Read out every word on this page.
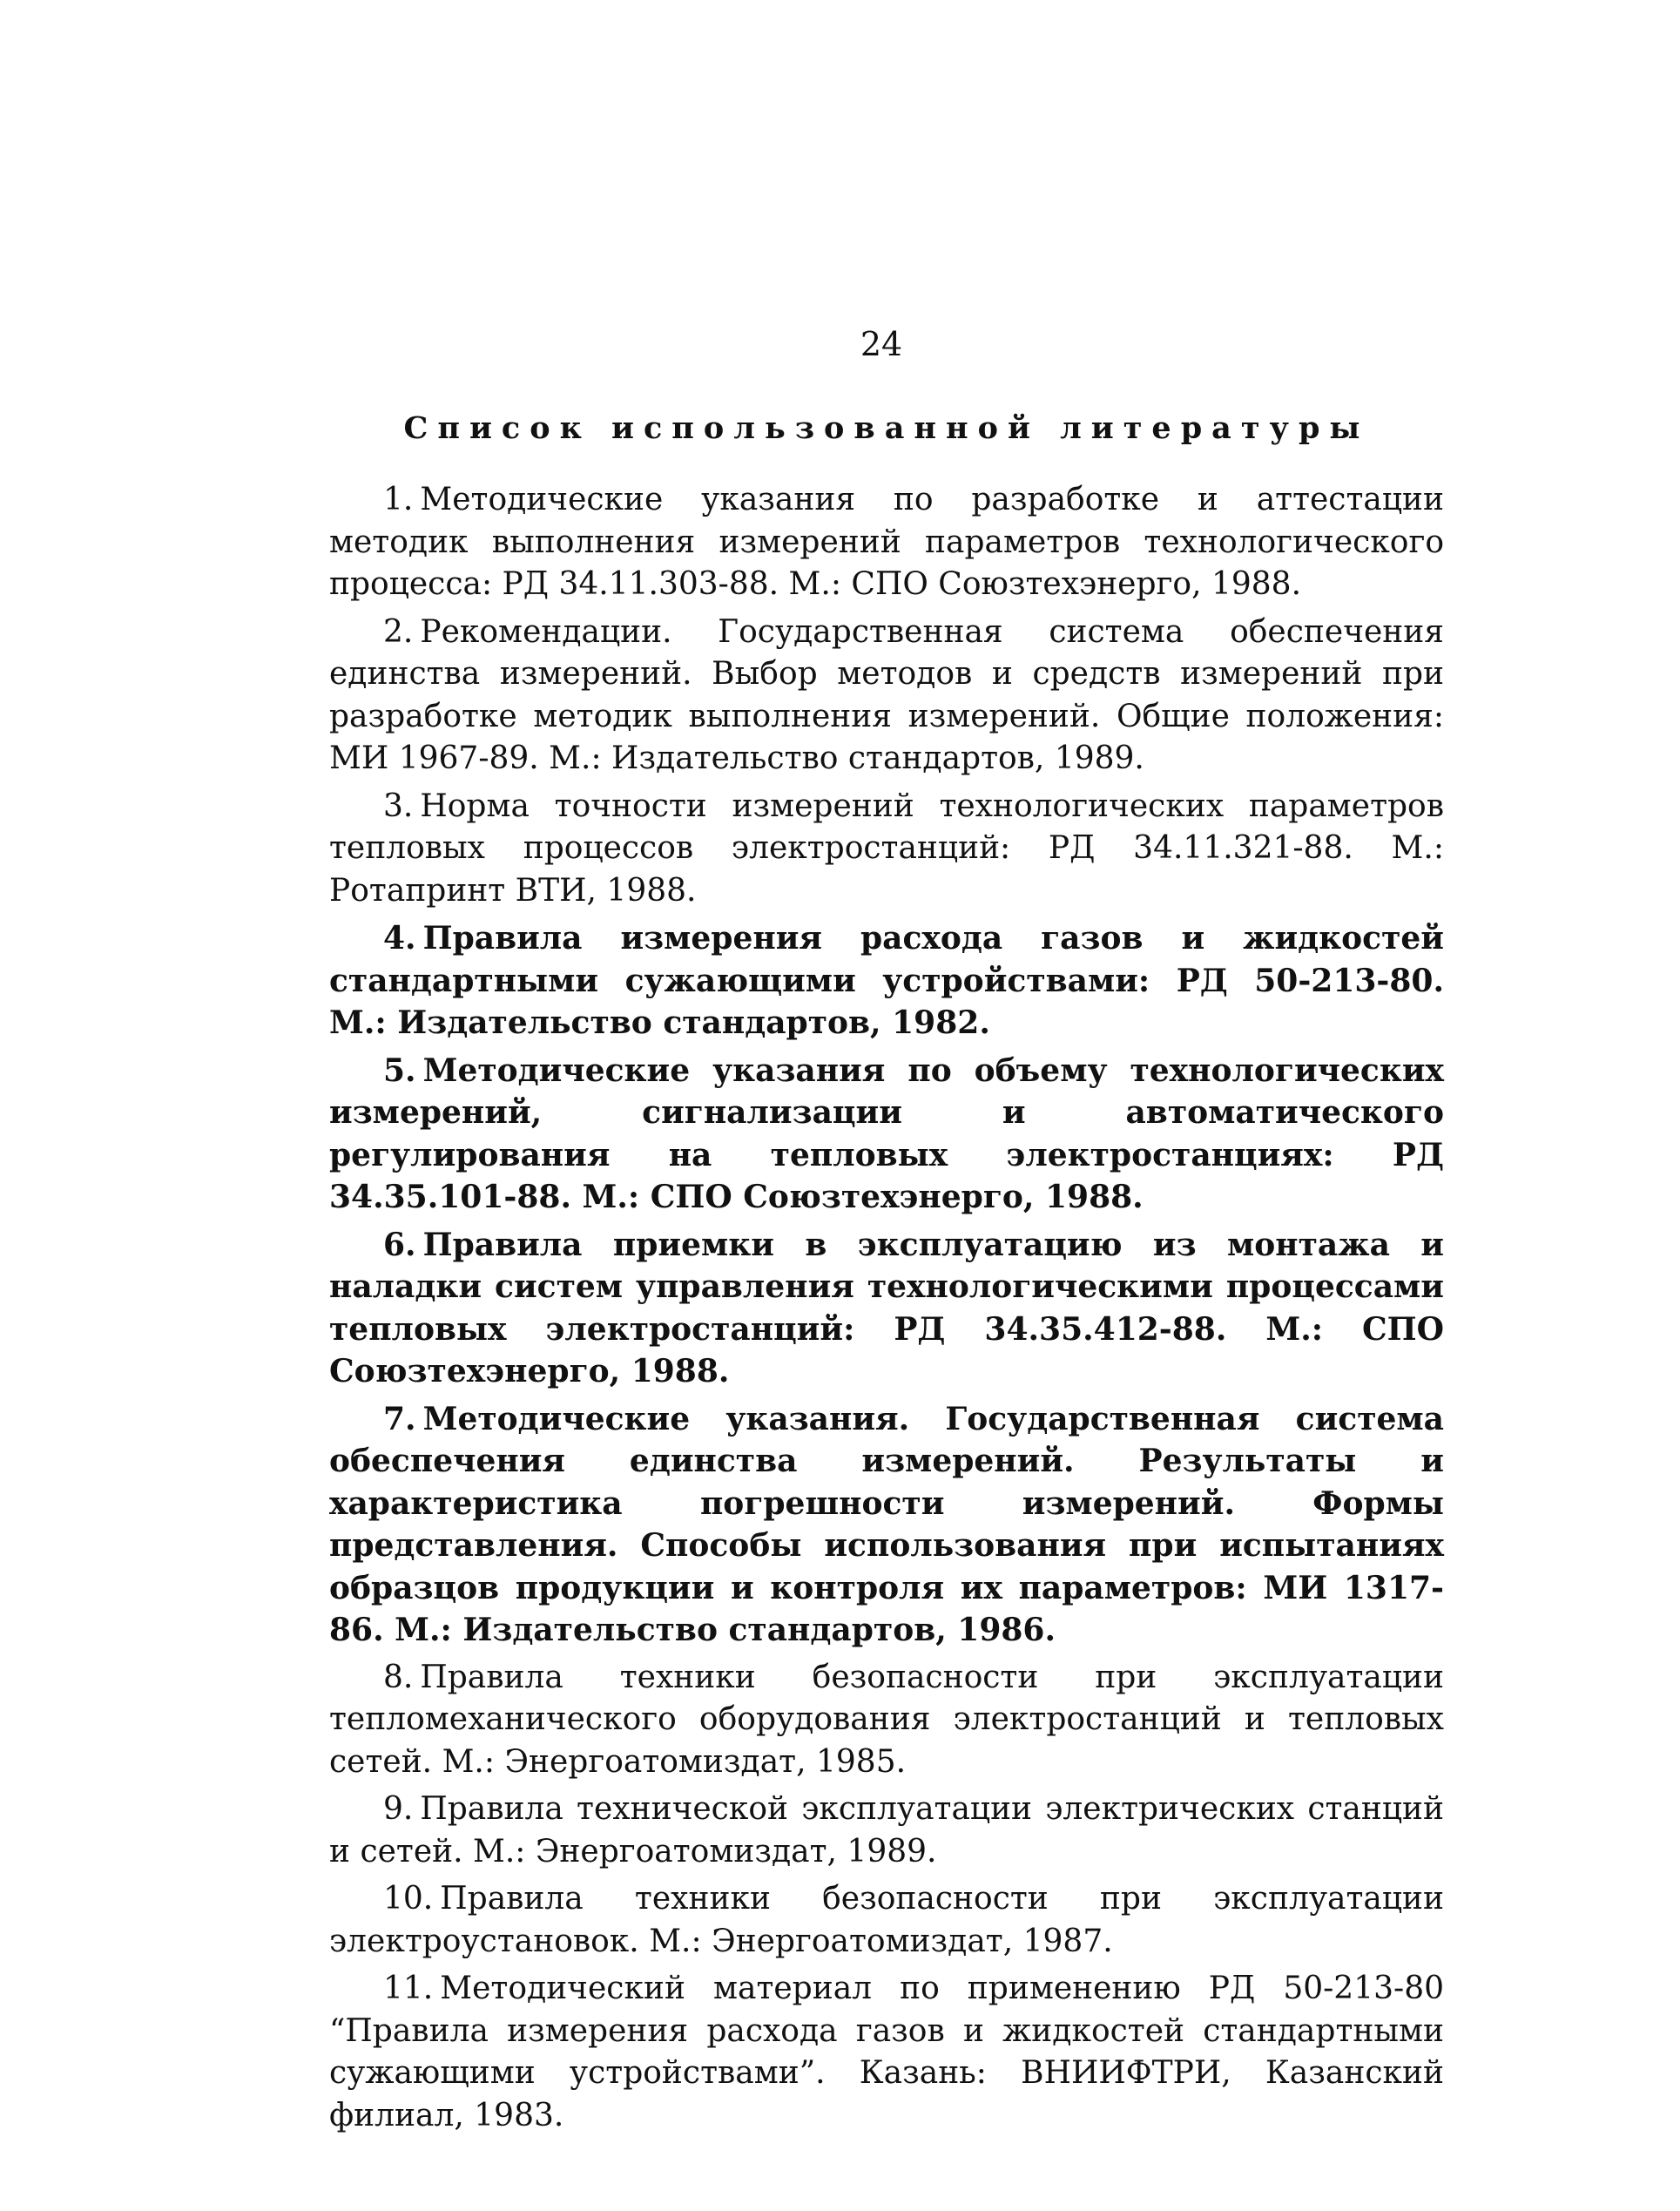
24
Список использованной литературы
1. Методические указания по разработке и аттестации методик выполнения измерений параметров технологического процесса: РД 34.11.303-88. М.: СПО Союзтехэнерго, 1988.
2. Рекомендации. Государственная система обеспечения единства измерений. Выбор методов и средств измерений при разработке методик выполнения измерений. Общие положения: МИ 1967-89. М.: Издательство стандартов, 1989.
3. Норма точности измерений технологических параметров тепловых процессов электростанций: РД 34.11.321-88. М.: Ротапринт ВТИ, 1988.
4. Правила измерения расхода газов и жидкостей стандартными сужающими устройствами: РД 50-213-80. М.: Издательство стандартов, 1982.
5. Методические указания по объему технологических измерений, сигнализации и автоматического регулирования на тепловых электростанциях: РД 34.35.101-88. М.: СПО Союзтехэнерго, 1988.
6. Правила приемки в эксплуатацию из монтажа и наладки систем управления технологическими процессами тепловых электростанций: РД 34.35.412-88. М.: СПО Союзтехэнерго, 1988.
7. Методические указания. Государственная система обеспечения единства измерений. Результаты и характеристика погрешности измерений. Формы представления. Способы использования при испытаниях образцов продукции и контроля их параметров: МИ 1317-86. М.: Издательство стандартов, 1986.
8. Правила техники безопасности при эксплуатации тепломеханического оборудования электростанций и тепловых сетей. М.: Энергоатомиздат, 1985.
9. Правила технической эксплуатации электрических станций и сетей. М.: Энергоатомиздат, 1989.
10. Правила техники безопасности при эксплуатации электроустановок. М.: Энергоатомиздат, 1987.
11. Методический материал по применению РД 50-213-80 “Правила измерения расхода газов и жидкостей стандартными сужающими устройствами”. Казань: ВНИИФТРИ, Казанский филиал, 1983.
